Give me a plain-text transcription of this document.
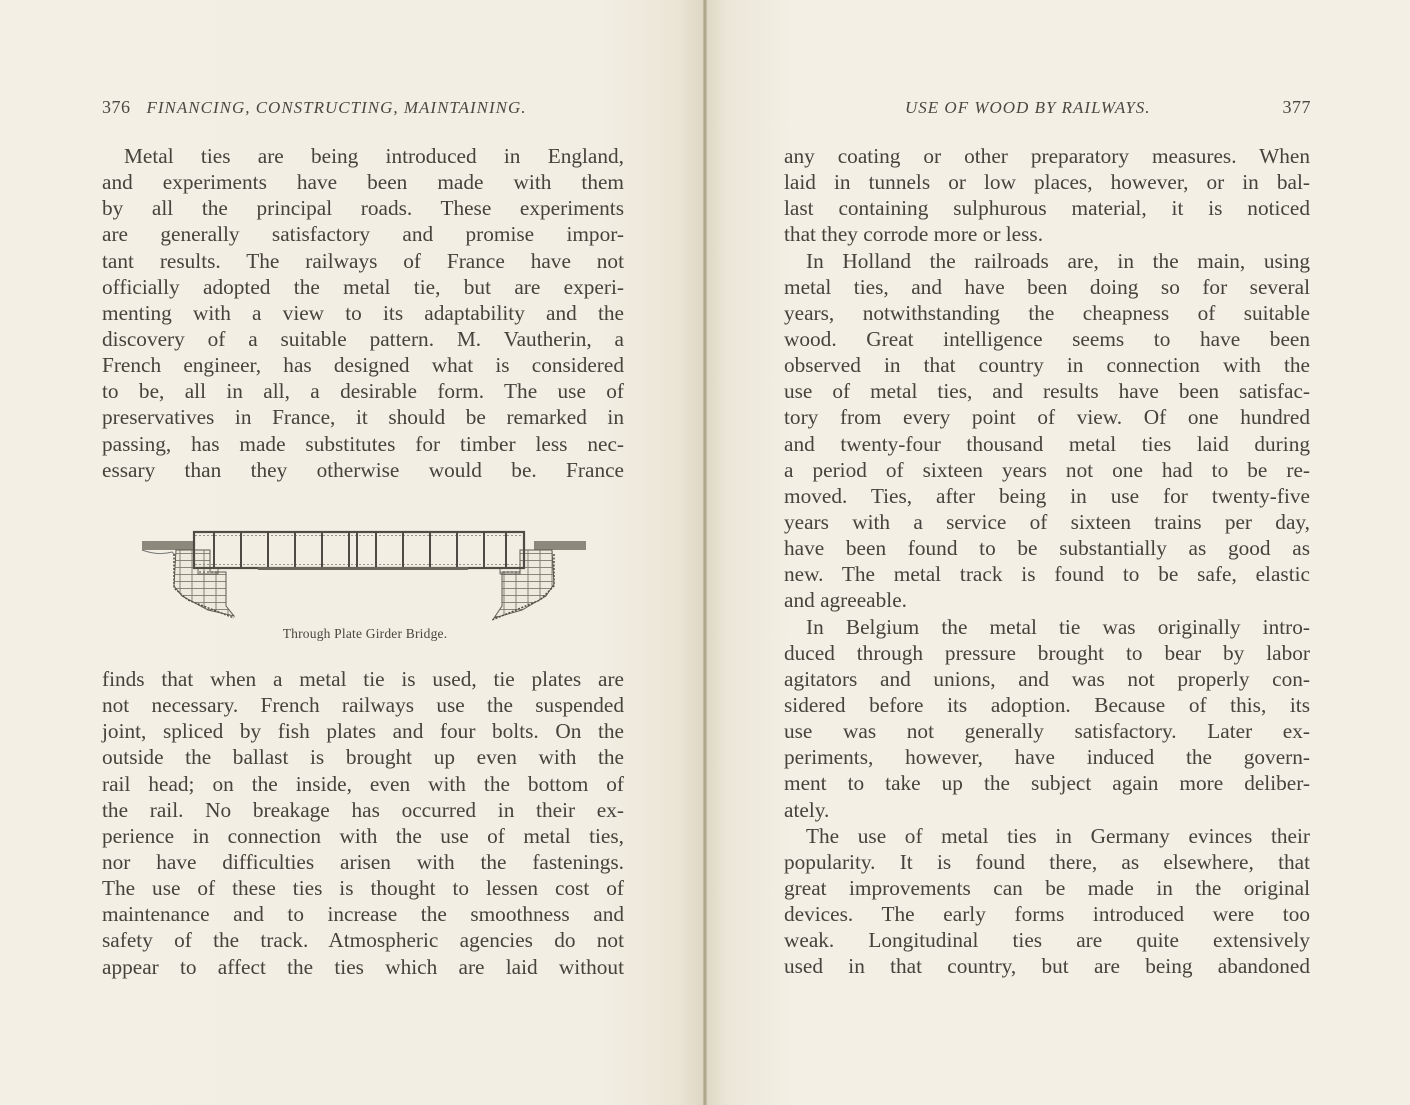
376 FINANCING, CONSTRUCTING, MAINTAINING.
Metal ties are being introduced in England,
and experiments have been made with them
by all the principal roads. These experiments
are generally satisfactory and promise impor-
tant results. The railways of France have not
officially adopted the metal tie, but are experi-
menting with a view to its adaptability and the
discovery of a suitable pattern. M. Vautherin, a
French engineer, has designed what is considered
to be, all in all, a desirable form. The use of
preservatives in France, it should be remarked in
passing, has made substitutes for timber less nec-
essary than they otherwise would be. France
Through Plate Girder Bridge.
finds that when a metal tie is used, tie plates are
not necessary. French railways use the suspended
joint, spliced by fish plates and four bolts. On the
outside the ballast is brought up even with the
rail head; on the inside, even with the bottom of
the rail. No breakage has occurred in their ex-
perience in connection with the use of metal ties,
nor have difficulties arisen with the fastenings.
The use of these ties is thought to lessen cost of
maintenance and to increase the smoothness and
safety of the track. Atmospheric agencies do not
appear to affect the ties which are laid without
USE OF WOOD BY RAILWAYS.	377
any coating or other preparatory measures. When
laid in tunnels or low places, however, or in bal-
last containing sulphurous material, it is noticed
that they corrode more or less.
In Holland the railroads are, in the main, using
metal ties, and have been doing so for several
years, notwithstanding the cheapness of suitable
wood. Great intelligence seems to have been
observed in that country in connection with the
use of metal ties, and results have been satisfac-
tory from every point of view. Of one hundred
and twenty-four thousand metal ties laid during
a period of sixteen years not one had to be re-
moved. Ties, after being in use for twenty-five
years with a service of sixteen trains per day,
have been found to be substantially as good as
new. The metal track is found to be safe, elastic
and agreeable.
In Belgium the metal tie was originally intro-
duced through pressure brought to bear by labor
agitators and unions, and was not properly con-
sidered before its adoption. Because of this, its
use was not generally satisfactory. Later ex-
periments, however, have induced the govern-
ment to take up the subject again more deliber-
ately.
The use of metal ties in Germany evinces their
popularity. It is found there, as elsewhere, that
great improvements can be made in the original
devices. The early forms introduced were too
weak. Longitudinal ties are quite extensively
used in that country, but are being abandoned
